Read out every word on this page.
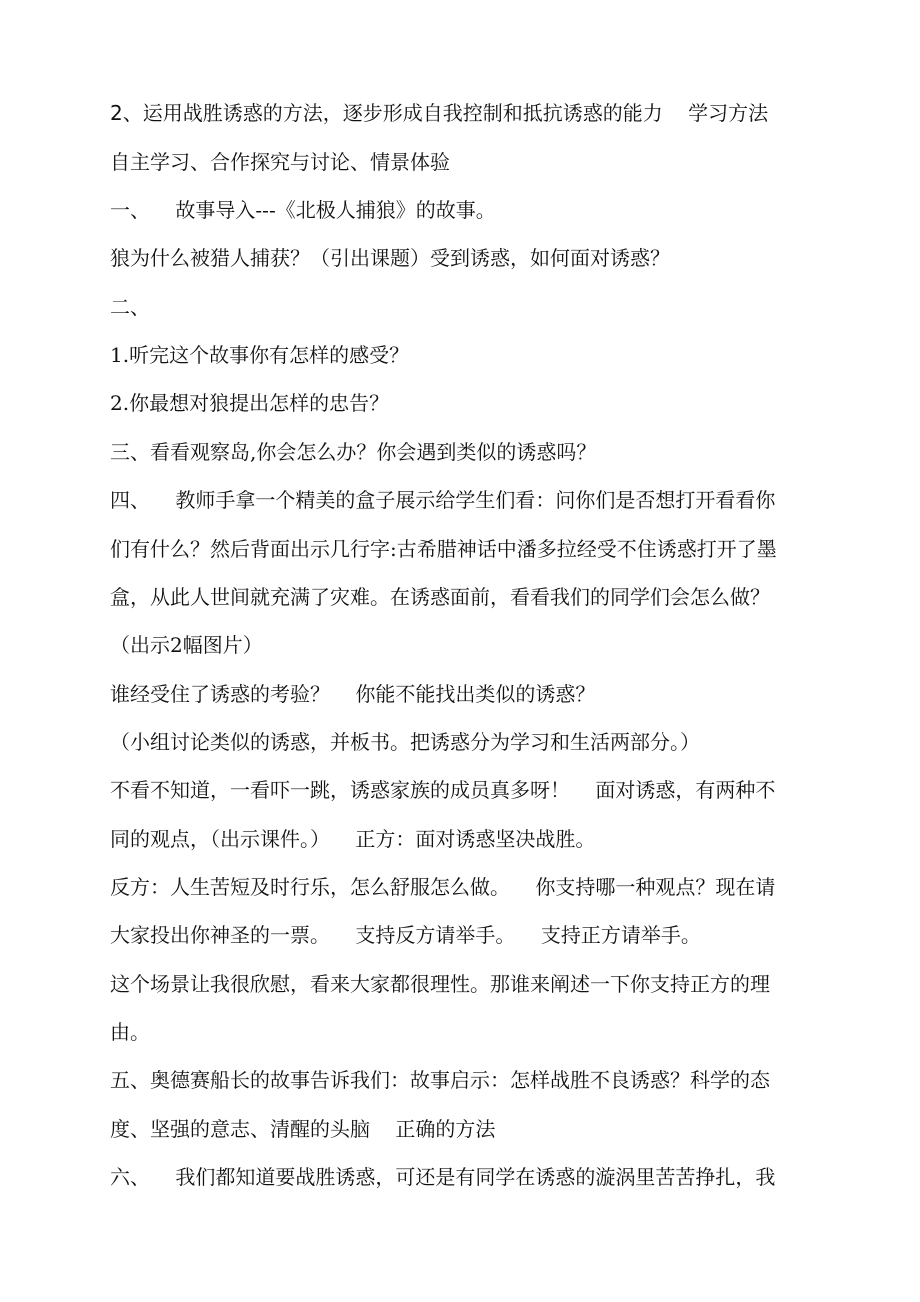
2、运用战胜诱惑的方法，逐步形成自我控制和抵抗诱惑的能力    学习方法
自主学习、合作探究与讨论、情景体验
一、    故事导入---《北极人捕狼》的故事。
狼为什么被猎人捕获？（引出课题）受到诱惑，如何面对诱惑？
二、
1.听完这个故事你有怎样的感受？
2.你最想对狼提出怎样的忠告？
三、看看观察岛,你会怎么办？你会遇到类似的诱惑吗？
四、    教师手拿一个精美的盒子展示给学生们看：问你们是否想打开看看你
们有什么？然后背面出示几行字:古希腊神话中潘多拉经受不住诱惑打开了墨
盒，从此人世间就充满了灾难。在诱惑面前，看看我们的同学们会怎么做？
（出示2幅图片）
谁经受住了诱惑的考验？    你能不能找出类似的诱惑？
（小组讨论类似的诱惑，并板书。把诱惑分为学习和生活两部分。）
不看不知道，一看吓一跳，诱惑家族的成员真多呀！    面对诱惑，有两种不
同的观点，（出示课件。）    正方：面对诱惑坚决战胜。
反方：人生苦短及时行乐，怎么舒服怎么做。    你支持哪一种观点？现在请
大家投出你神圣的一票。    支持反方请举手。    支持正方请举手。
这个场景让我很欣慰，看来大家都很理性。那谁来阐述一下你支持正方的理
由。
五、奥德赛船长的故事告诉我们：故事启示：怎样战胜不良诱惑？科学的态
度、坚强的意志、清醒的头脑    正确的方法
六、    我们都知道要战胜诱惑，可还是有同学在诱惑的漩涡里苦苦挣扎，我
